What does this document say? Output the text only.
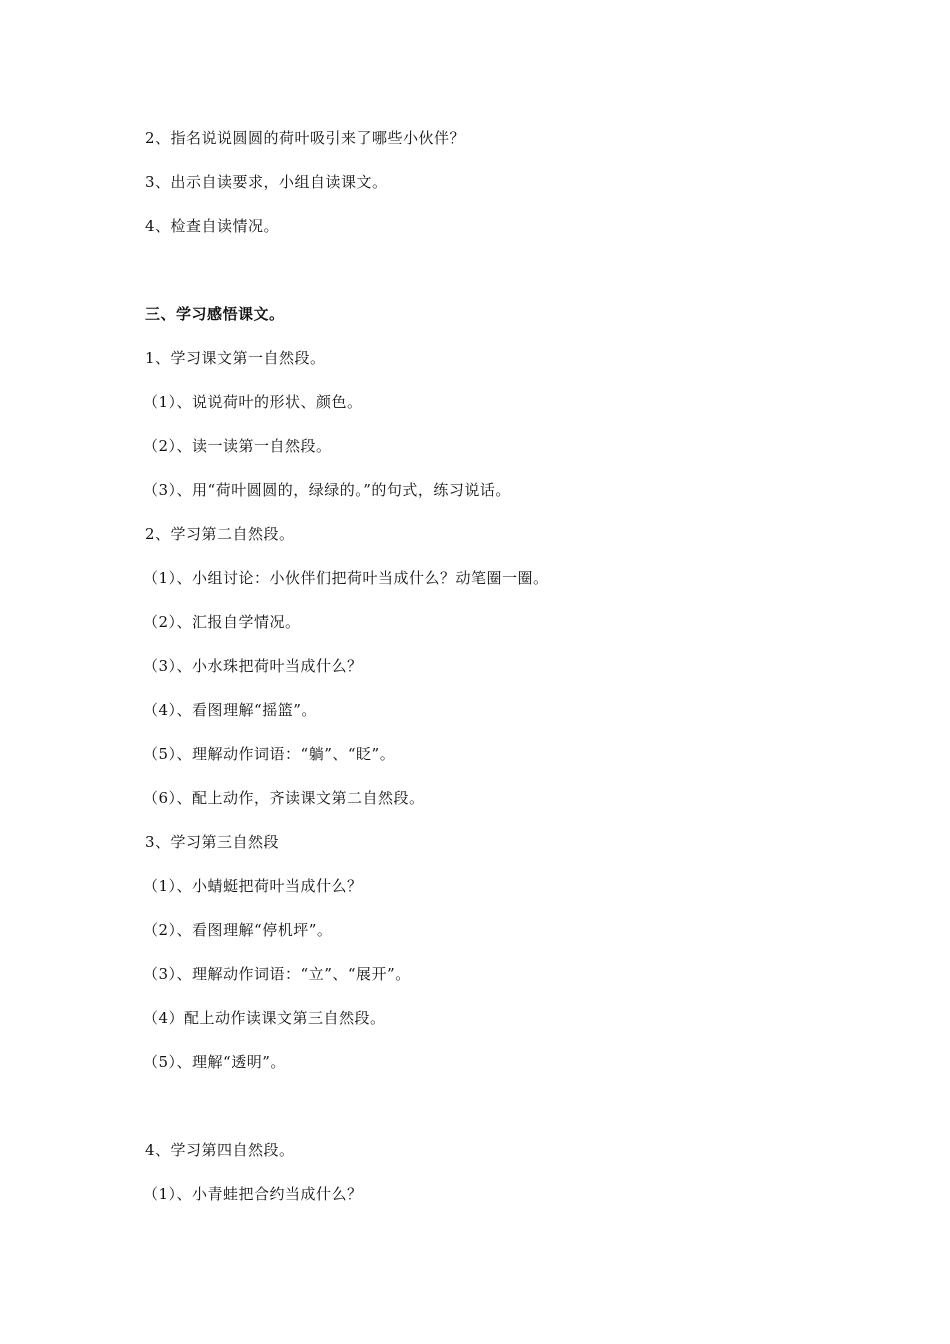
2、指名说说圆圆的荷叶吸引来了哪些小伙伴？
3、出示自读要求，小组自读课文。
4、检查自读情况。
三、学习感悟课文。
1、学习课文第一自然段。
（1）、说说荷叶的形状、颜色。
（2）、读一读第一自然段。
（3）、用“荷叶圆圆的，绿绿的。”的句式，练习说话。
2、学习第二自然段。
（1）、小组讨论：小伙伴们把荷叶当成什么？动笔圈一圈。
（2）、汇报自学情况。
（3）、小水珠把荷叶当成什么？
（4）、看图理解“摇篮”。
（5）、理解动作词语：“躺”、“眨”。
（6）、配上动作，齐读课文第二自然段。
3、学习第三自然段
（1）、小蜻蜓把荷叶当成什么？
（2）、看图理解“停机坪”。
（3）、理解动作词语：“立”、“展开”。
（4）配上动作读课文第三自然段。
（5）、理解“透明”。
4、学习第四自然段。
（1）、小青蛙把合约当成什么？
